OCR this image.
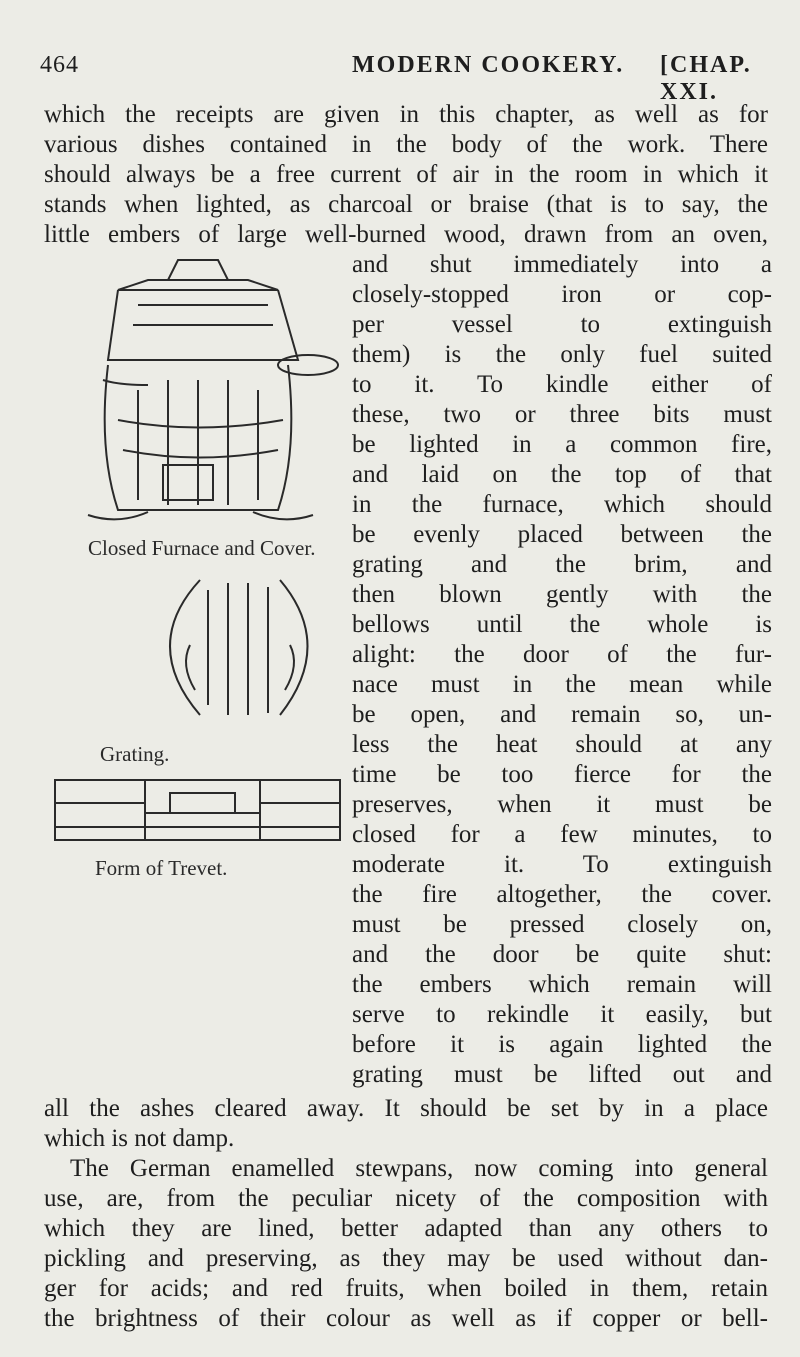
464	MODERN COOKERY. [CHAP. XXI.
which the receipts are given in this chapter, as well as for
various dishes contained in the body of the work. There
should always be a free current of air in the room in which it
stands when lighted, as charcoal or braise (that is to say, the
little embers of large well-burned wood, drawn from an oven,
Closed Furnace and Cover.
Grating.
Form of Trevet.
and shut immediately into a
closely-stopped iron or cop-
per vessel to extinguish
them) is the only fuel suited
to it. To kindle either of
these, two or three bits must
be lighted in a common fire,
and laid on the top of that
in the furnace, which should
be evenly placed between the
grating and the brim, and
then blown gently with the
bellows until the whole is
alight: the door of the fur-
nace must in the mean while
be open, and remain so, un-
less the heat should at any
time be too fierce for the
preserves, when it must be
closed for a few minutes, to
moderate it. To extinguish
the fire altogether, the cover.
must be pressed closely on,
and the door be quite shut:
the embers which remain will
serve to rekindle it easily, but
before it is again lighted the
grating must be lifted out and
all the ashes cleared away. It should be set by in a place
which is not damp.
The German enamelled stewpans, now coming into general
use, are, from the peculiar nicety of the composition with
which they are lined, better adapted than any others to
pickling and preserving, as they may be used without dan-
ger for acids; and red fruits, when boiled in them, retain
the brightness of their colour as well as if copper or bell-
